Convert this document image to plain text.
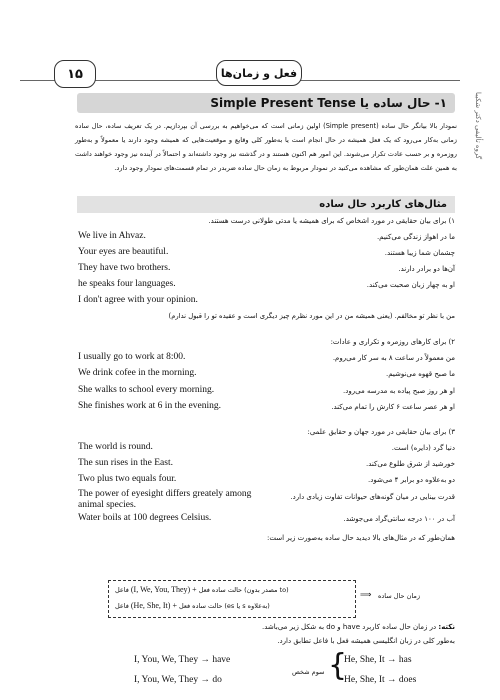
۱۵	فعل و زمان‌ها
گروه تألیفی دکتر شکیبا
۱- حال ساده یا Simple Present Tense
نمودار بالا بیانگر حال ساده (Simple present) اولین زمانی است که می‌خواهیم به بررسی آن بپردازیم. در یک تعریف ساده، حال ساده زمانی به‌کار می‌رود که یک فعل همیشه در حال انجام است یا به‌طور کلی وقایع و موقعیت‌هایی که همیشه وجود دارند یا معمولاً و به‌طور روزمره و بر حسب عادت تکرار می‌شوند. این امور هم اکنون هستند و در گذشته نیز وجود داشته‌اند و احتمالاً در آینده نیز وجود خواهند داشت به همین علت همان‌طور که مشاهده می‌کنید در نمودار مربوط به زمان حال ساده ضربدر در تمام قسمت‌های نمودار وجود دارد.
مثال‌های کاربرد حال ساده
۱) برای بیان حقایقی در مورد اشخاص که برای همیشه یا مدتی طولانی درست هستند.
We live in Ahvaz.	ما در اهواز زندگی می‌کنیم.
Your eyes are beautiful.	چشمان شما زیبا هستند.
They have two brothers.	آن‌ها دو برادر دارند.
he speaks four languages.	او به چهار زبان صحبت می‌کند.
I don't agree with your opinion.
من با نظر تو مخالفم. (یعنی همیشه من در این مورد نظرم چیز دیگری است و عقیده تو را قبول ندارم)
۲) برای کارهای روزمره و تکراری و عادات:
I usually go to work at 8:00.	من معمولاً در ساعت ۸ به سر کار می‌روم.
We drink cofee in the morning.	ما صبح قهوه می‌نوشیم.
She walks to school every morning.	او هر روز صبح پیاده به مدرسه می‌رود.
She finishes work at 6 in the evening.	او هر عصر ساعت ۶ کارش را تمام می‌کند.
۳) برای بیان حقایقی در مورد جهان و حقایق علمی:
The world is round.	دنیا گرد (دایره) است.
The sun rises in the East.	خورشید از شرق طلوع می‌کند.
Two plus two equals four.	دو به‌علاوه دو برابر ۴ می‌شود.
The power of eyesight differs greately among animal species.
قدرت بینایی در میان گونه‌های حیوانات تفاوت زیادی دارد.
Water boils at 100 degrees Celsius.	آب در ۱۰۰ درجه سانتی‌گراد می‌جوشد.
همان‌طور که در مثال‌های بالا دیدید حال ساده به‌صورت زیر است:
فاعل (I, We, You, They) + حالت ساده فعل (مصدر بدون to)
فاعل (He, She, It) + حالت ساده فعل (es یا s به‌علاوه)
⟹ زمان حال ساده
نکته: در زمان حال ساده کاربرد have و do به شکل زیر می‌باشد.
به‌طور کلی در زبان انگلیسی همیشه فعل با فاعل تطابق دارد.
I, You, We, They → have
I, You, We, They → do
سوم شخص {
He, She, It → has
He, She, It → does
